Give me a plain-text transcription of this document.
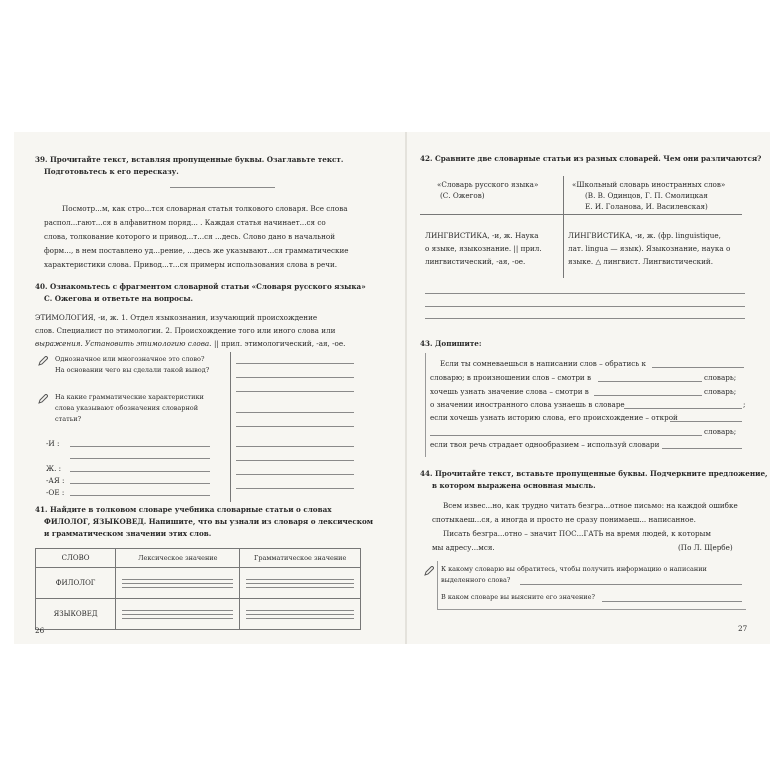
39. Прочитайте текст, вставляя пропущенные буквы. Озаглавьте текст.
Подготовьтесь к его пересказу.
Посмотр...м, как стро...тся словарная статья толкового словаря. Все слова
распол...гают...ся в алфавитном поряд... . Каждая статья начинает...ся со
слова, толкование которого и привод...т...ся ...десь. Слово дано в начальной
форм..., в нем поставлено уд...рение, ...десь же указывают...ся грамматические
характеристики слова. Привод...т...ся примеры использования слова в речи.
40. Ознакомьтесь с фрагментом словарной статьи «Словаря русского языка»
С. Ожегова и ответьте на вопросы.
ЭТИМОЛОГИЯ, -и, ж. 1. Отдел языкознания, изучающий происхождение
слов. Специалист по этимологии. 2. Происхождение того или иного слова или
выражения. Установить этимологию слова. || прил. этимологический, -ая, -ое.
Однозначное или многозначное это слово?
На основании чего вы сделали такой вывод?
На какие грамматические характеристики
слова указывают обозначения словарной
статьи?
-И :
Ж. :
-АЯ :
-ОЕ :
41. Найдите в толковом словаре учебника словарные статьи о словах
ФИЛОЛОГ, ЯЗЫКОВЕД. Напишите, что вы узнали из словаря о лексическом
и грамматическом значении этих слов.
СЛОВО	Лексическое значение	Грамматическое значение
ФИЛОЛОГ	

ЯЗЫКОВЕД	

26
42. Сравните две словарные статьи из разных словарей. Чем они различаются?
«Словарь русского языка»
(С. Ожегов)
«Школьный словарь иностранных слов»
(В. В. Одинцов, Г. П. Смолицкая
Е. И. Голанова, И. Василевская)
ЛИНГВИСТИКА, -и, ж. Наука
о языке, языкознание. || прил.
лингвистический, -ая, -ое.
ЛИНГВИСТИКА, -и, ж. (фр. linguistique,
лат. lingua — язык). Языкознание, наука о
языке. △ лингвист. Лингвистический.
43. Допишите:
Если ты сомневаешься в написании слов – обратись к
словарю; в произношении слов – смотри в	словарь;
хочешь узнать значение слова – смотри в	словарь;
о значении иностранного слова узнаешь в словаре	;
если хочешь узнать историю слова, его происхождение – открой
словарь;
если твоя речь страдает однообразием – используй словари
44. Прочитайте текст, вставьте пропущенные буквы. Подчеркните предложение,
в котором выражена основная мысль.
Всем извес...но, как трудно читать безгра...отное письмо: на каждой ошибке
спотыкаеш...ся, а иногда и просто не сразу понимаеш... написанное.
Писать безгра...отно – значит ПОС...ГАТЬ на время людей, к которым
мы адресу...мся.	(По Л. Щербе)
К какому словарю вы обратитесь, чтобы получить информацию о написании
выделенного слова?
В каком словаре вы выясните его значение?
27
